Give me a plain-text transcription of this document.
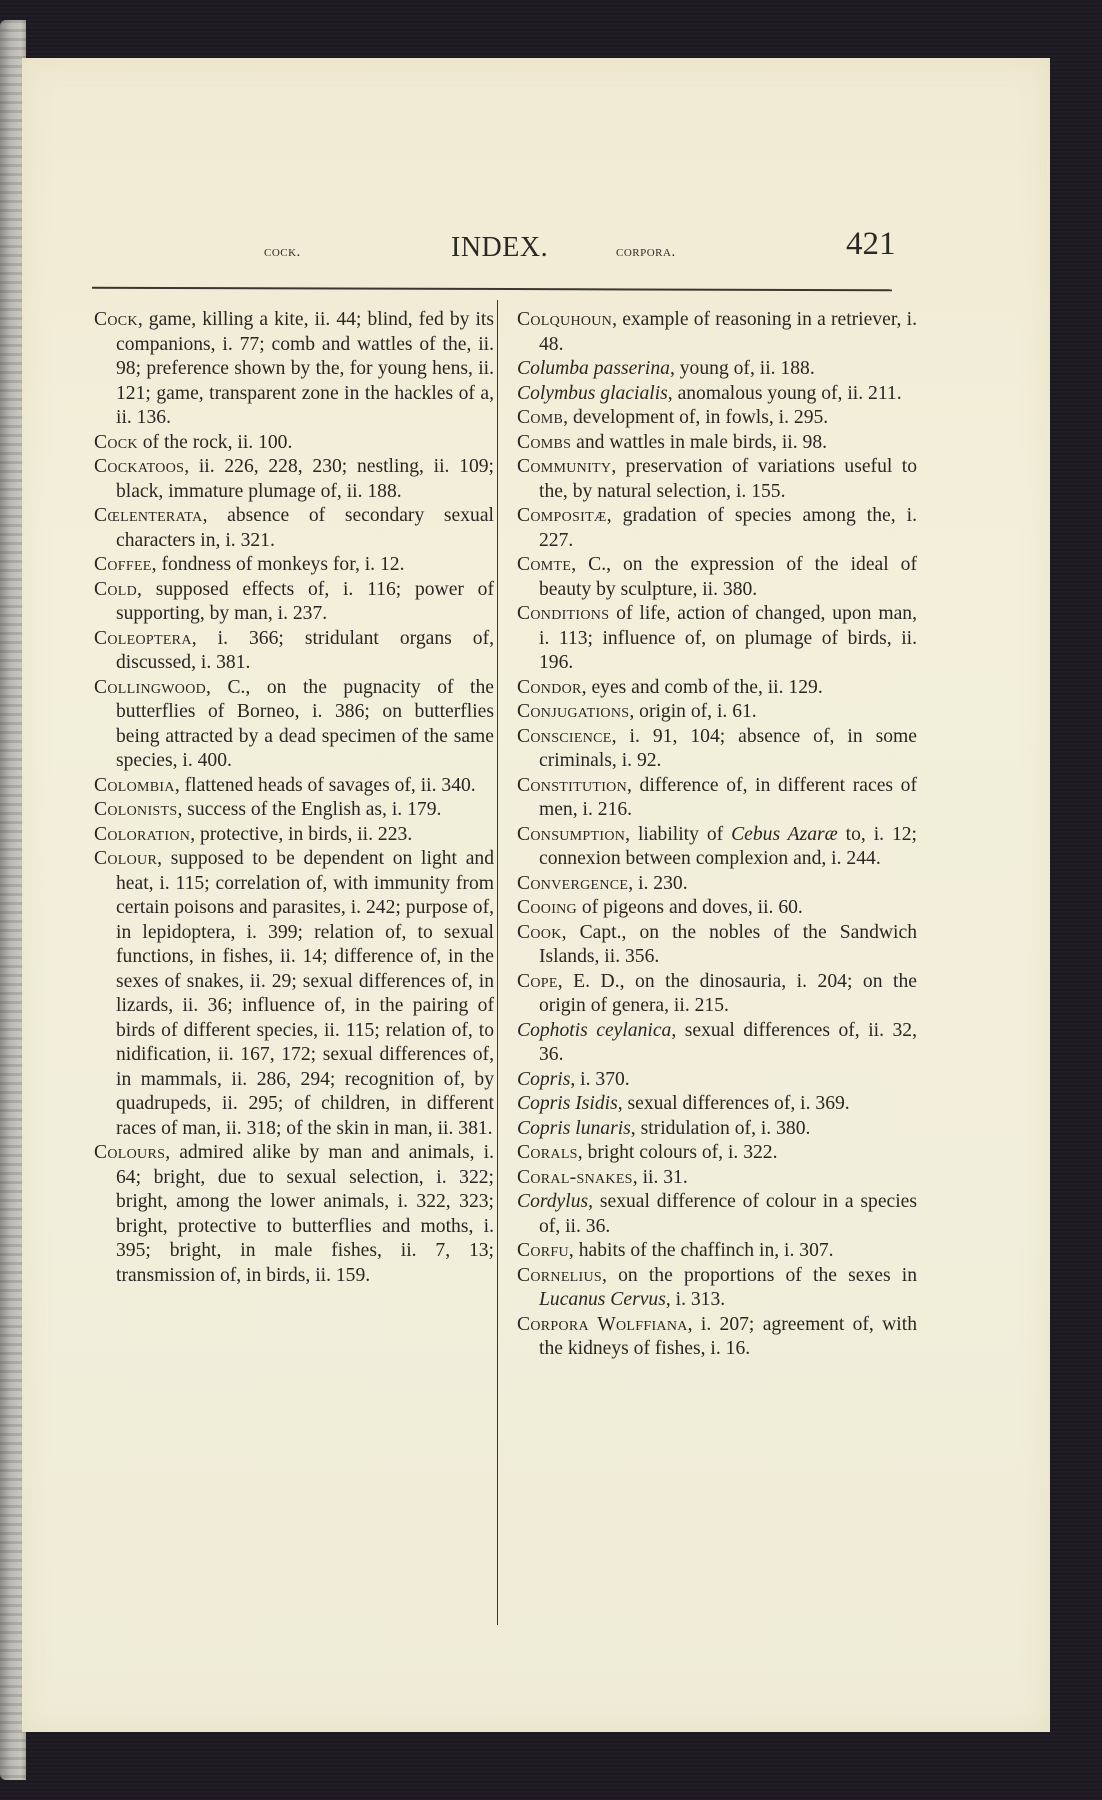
cock.	INDEX.	corpora.	421

Cock, game, killing a kite, ii. 44; blind, fed by its companions, i. 77; comb and wattles of the, ii. 98; preference shown by the, for young hens, ii. 121; game, transparent zone in the hackles of a, ii. 136.

Cock of the rock, ii. 100.

Cockatoos, ii. 226, 228, 230; nestling, ii. 109; black, immature plumage of, ii. 188.

Cœlenterata, absence of secondary sexual characters in, i. 321.

Coffee, fondness of monkeys for, i. 12.

Cold, supposed effects of, i. 116; power of supporting, by man, i. 237.

Coleoptera, i. 366; stridulant organs of, discussed, i. 381.

Collingwood, C., on the pugnacity of the butterflies of Borneo, i. 386; on butterflies being attracted by a dead specimen of the same species, i. 400.

Colombia, flattened heads of savages of, ii. 340.

Colonists, success of the English as, i. 179.

Coloration, protective, in birds, ii. 223.

Colour, supposed to be dependent on light and heat, i. 115; correlation of, with immunity from certain poisons and parasites, i. 242; purpose of, in lepidoptera, i. 399; relation of, to sexual functions, in fishes, ii. 14; difference of, in the sexes of snakes, ii. 29; sexual differences of, in lizards, ii. 36; influence of, in the pairing of birds of different species, ii. 115; relation of, to nidification, ii. 167, 172; sexual differences of, in mammals, ii. 286, 294; recognition of, by quadrupeds, ii. 295; of children, in different races of man, ii. 318; of the skin in man, ii. 381.

Colours, admired alike by man and animals, i. 64; bright, due to sexual selection, i. 322; bright, among the lower animals, i. 322, 323; bright, protective to butterflies and moths, i. 395; bright, in male fishes, ii. 7, 13; transmission of, in birds, ii. 159.

Colquhoun, example of reasoning in a retriever, i. 48.

Columba passerina, young of, ii. 188.

Colymbus glacialis, anomalous young of, ii. 211.

Comb, development of, in fowls, i. 295.

Combs and wattles in male birds, ii. 98.

Community, preservation of variations useful to the, by natural selection, i. 155.

Compositæ, gradation of species among the, i. 227.

Comte, C., on the expression of the ideal of beauty by sculpture, ii. 380.

Conditions of life, action of changed, upon man, i. 113; influence of, on plumage of birds, ii. 196.

Condor, eyes and comb of the, ii. 129.

Conjugations, origin of, i. 61.

Conscience, i. 91, 104; absence of, in some criminals, i. 92.

Constitution, difference of, in different races of men, i. 216.

Consumption, liability of Cebus Azaræ to, i. 12; connexion between complexion and, i. 244.

Convergence, i. 230.

Cooing of pigeons and doves, ii. 60.

Cook, Capt., on the nobles of the Sandwich Islands, ii. 356.

Cope, E. D., on the dinosauria, i. 204; on the origin of genera, ii. 215.

Cophotis ceylanica, sexual differences of, ii. 32, 36.

Copris, i. 370.

Copris Isidis, sexual differences of, i. 369.

Copris lunaris, stridulation of, i. 380.

Corals, bright colours of, i. 322.

Coral-snakes, ii. 31.

Cordylus, sexual difference of colour in a species of, ii. 36.

Corfu, habits of the chaffinch in, i. 307.

Cornelius, on the proportions of the sexes in Lucanus Cervus, i. 313.

Corpora Wolffiana, i. 207; agreement of, with the kidneys of fishes, i. 16.
